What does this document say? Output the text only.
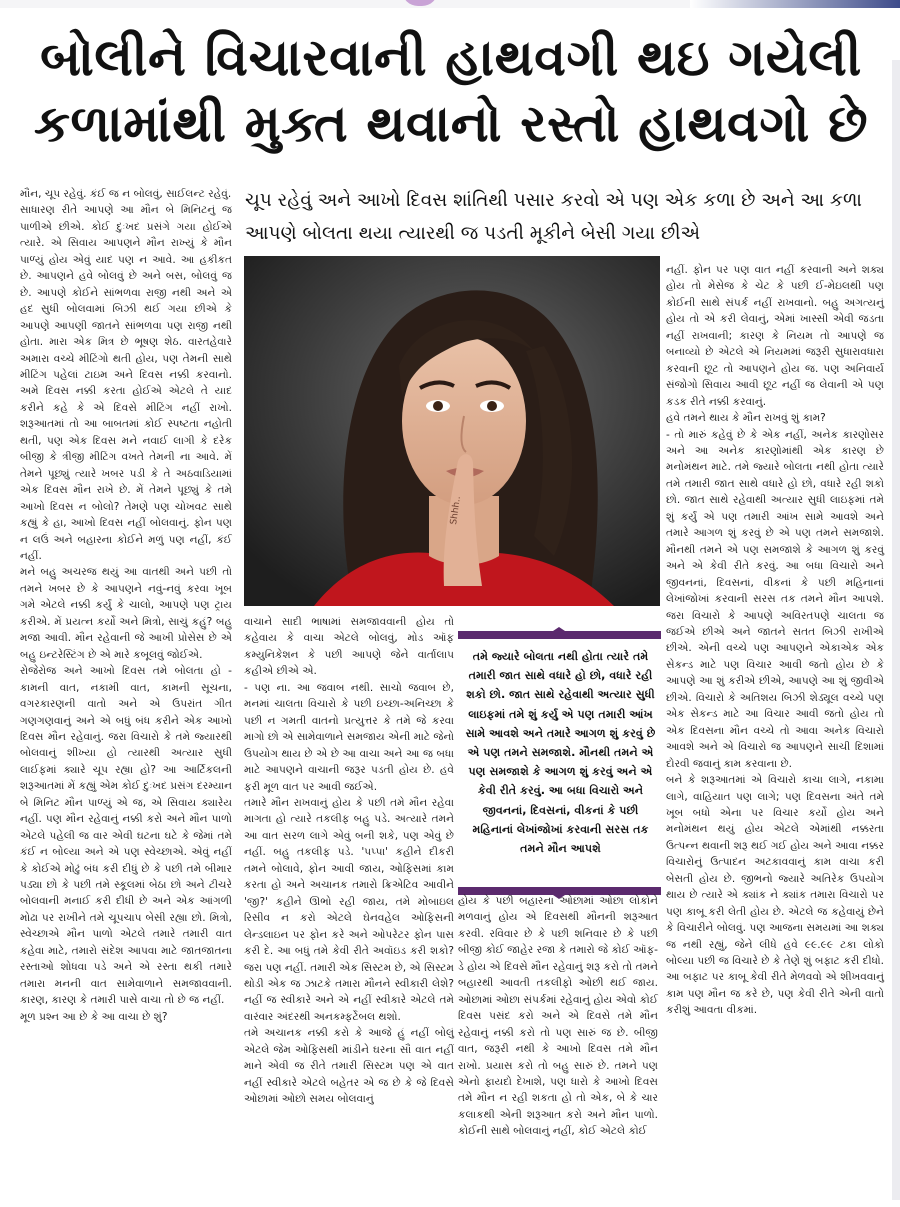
બોલીને વિચારવાની હાથવગી થઇ ગયેલી
કળામાંથી મુક્ત થવાનો રસ્તો હાથવગો છે
ચૂપ રહેવું અને આખો દિવસ શાંતિથી પસાર કરવો એ પણ એક કળા છે અને આ કળા આપણે બોલતા થયા ત્યારથી જ પડતી મૂકીને બેસી ગયા છીએ

મૌન, ચૂપ રહેવું. કંઈ જ ન બોલવું, સાઈલન્ટ રહેવું.

સાધારણ રીતે આપણે આ મૌન બે મિનિટનું જ પાળીએ છીએ. કોઈ દુઃખદ પ્રસંગે ગયા હોઈએ ત્યારે. એ સિવાય આપણને મૌન રાખ્યું કે મૌન પાળ્યું હોય એવું યાદ પણ ન આવે. આ હકીકત છે. આપણને હવે બોલવું છે અને બસ, બોલવું જ છે. આપણે કોઈને સાંભળવા રાજી નથી અને એ હદ સુધી બોલવામાં બિઝી થઈ ગયા છીએ કે આપણે આપણી જાતને સાંભળવા પણ રાજી નથી હોતા. મારા એક મિત્ર છે ભૂષણ શેઠ. વારતહેવારે અમારા વચ્ચે મીટિંગો થતી હોય, પણ તેમની સાથે મીટિંગ પહેલાં ટાઇમ અને દિવસ નક્કી કરવાનો. અમે દિવસ નક્કી કરતા હોઈએ એટલે તે યાદ કરીને કહે કે એ દિવસે મીટિંગ નહીં રાખો. શરૂઆતમાં તો આ બાબતમાં કોઈ સ્પષ્ટતા નહોતી થતી, પણ એક દિવસ મને નવાઈ લાગી કે દરેક બીજી કે ત્રીજી મીટિંગ વખતે તેમની ના આવે. મેં તેમને પૂછ્યું ત્યારે ખબર પડી કે તે અઠવાડિયામાં એક દિવસ મૌન રાખે છે. મેં તેમને પૂછ્યું કે તમે આખો દિવસ ન બોલો? તેમણે પણ ચોખવટ સાથે કહ્યું કે હા, આખો દિવસ નહીં બોલવાનું. ફોન પણ ન લઉં અને બહારના કોઈને મળું પણ નહીં, કંઈ નહીં.

મને બહુ અચરજ થયું આ વાતથી અને પછી તો તમને ખબર છે કે આપણને નવું-નવું કરવા ખૂબ ગમે એટલે નક્કી કર્યું કે ચાલો, આપણે પણ ટ્રાય કરીએ. મેં પ્રયત્ન કર્યો અને મિત્રો, સાચું કહું? બહુ મજા આવી. મૌન રહેવાની જે આખી પ્રોસેસ છે એ બહુ ઇન્ટરેસ્ટિંગ છે એ મારે કબૂલવું જોઈએ.

રોજેરોજ અને આખો દિવસ તમે બોલતા હો - કામની વાત, નકામી વાત, કામની સૂચના, વગરકારણની વાતો અને એ ઉપરાંત ગીત ગણગણવાનું અને એ બધું બંધ કરીને એક આખો દિવસ મૌન રહેવાનું. જરા વિચારો કે તમે જ્યારથી બોલવાનું શીખ્યા હો ત્યારથી અત્યાર સુધી લાઈફમાં ક્યારે ચૂપ રહ્યા હો? આ આર્ટિકલની શરૂઆતમાં મેં કહ્યું એમ કોઈ દુઃખદ પ્રસંગ દરમ્યાન બે મિનિટ મૌન પાળ્યું એ જ, એ સિવાય ક્યારેય નહીં. પણ મૌન રહેવાનું નક્કી કરો અને મૌન પાળો એટલે પહેલી જ વાર એવી ઘટના ઘટે કે જેમાં તમે કંઈ ન બોલ્યા અને એ પણ સ્વેચ્છાએ. એવું નહીં કે કોઈએ મોઢું બંધ કરી દીધું છે કે પછી તમે બીમાર પડ્યા છો કે પછી તમે સ્કૂલમાં બેઠા છો અને ટીચરે બોલવાની મનાઈ કરી દીધી છે અને એક આંગળી મોઢા પર રાખીને તમે ચૂપચાપ બેસી રહ્યા છો. મિત્રો, સ્વેચ્છાએ મૌન પાળો એટલે તમારે તમારી વાત કહેવા માટે, તમારો સંદેશ આપવા માટે જાતજાતના રસ્તાઓ શોધવા પડે અને એ રસ્તા થકી તમારે તમારા મનની વાત સામેવાળાને સમજાવવાની. કારણ, કારણ કે તમારી પાસે વાચા તો છે જ નહીં.

મૂળ પ્રશ્ન આ છે કે આ વાચા છે શું?

Shhh..

વાચાને સાદી ભાષામાં સમજાવવાની હોય તો કહેવાય કે વાચા એટલે બોલવું, મોડ ઑફ કમ્યુનિકેશન કે પછી આપણે જેને વાર્તાલાપ કહીએ છીએ એ.

- પણ ના. આ જવાબ નથી. સાચો જવાબ છે, મનમાં ચાલતા વિચારો કે પછી ઇચ્છા-અનિચ્છા કે પછી ન ગમતી વાતનો પ્રત્યુત્તર કે તમે જે કરવા માગો છો એ સામેવાળાને સમજાય એની માટે જેનો ઉપયોગ થાય છે એ છે આ વાચા અને આ જ બધા માટે આપણને વાચાની જરૂર પડતી હોય છે. હવે ફરી મૂળ વાત પર આવી જઈએ.

તમારે મૌન રાખવાનું હોય કે પછી તમે મૌન રહેવા માગતા હો ત્યારે તકલીફ બહુ પડે. અત્યારે તમને આ વાત સરળ લાગે એવું બની શકે, પણ એવું છે નહીં. બહુ તકલીફ પડે. 'પપ્પા' કહીને દીકરી તમને બોલાવે, ફોન આવી જાય, ઓફિસમાં કામ કરતા હો અને અચાનક તમારો ક્રિએટિવ આવીને 'જી?' કહીને ઊભો રહી જાય, તમે મોબાઇલ રિસીવ ન કરો એટલે ઘેનવહેલ ઓફિસની લેન્ડલાઇન પર ફોન કરે અને ઓપરેટર ફોન પાસ કરી દે. આ બધું તમે કેવી રીતે અવૉઇડ કરી શકો? જરા પણ નહીં. તમારી એક સિસ્ટમ છે, એ સિસ્ટમ થોડી એક જ ઝાટકે તમારા મૌનને સ્વીકારી લેશે? નહીં જ સ્વીકારે અને એ નહીં સ્વીકારે એટલે તમે વારંવાર અંદરથી અનકમ્ફર્ટેબલ થશો.

તમે અચાનક નક્કી કરો કે આજે હું નહીં બોલું એટલે જેમ ઓફિસથી માંડીને ઘરના સૌ વાત નહીં માને એવી જ રીતે તમારી સિસ્ટમ પણ એ વાત નહીં સ્વીકારે એટલે બહેતર એ જ છે કે જે દિવસે ઓછામાં ઓછો સમય બોલવાનું

તમે જ્યારે બોલતા નથી હોતા ત્યારે તમે તમારી જાત સાથે વધારે હો છો, વધારે રહી શકો છો. જાત સાથે રહેવાથી અત્યાર સુધી લાઇફમાં તમે શું કર્યુ એ પણ તમારી આંખ સામે આવશે અને તમારે આગળ શું કરવું છે એ પણ તમને સમજાશે. મૌનથી તમને એ પણ સમજાશે કે આગળ શું કરવું અને એ કેવી રીતે કરવું. આ બધા વિચારો અને જીવનનાં, દિવસનાં, વીકનાં કે પછી મહિનાનાં લેખાંજોખાં કરવાની સરસ તક તમને મૌન આપશે

હોય કે પછી બહારના ઓછામાં ઓછા લોકોને મળવાનું હોય એ દિવસથી મૌનની શરૂઆત કરવી. રવિવાર છે કે પછી શનિવાર છે કે પછી બીજી કોઈ જાહેર રજા કે તમારો જે કોઈ ઑફ-ડે હોય એ દિવસે મૌન રહેવાનું શરૂ કરો તો તમને બહારથી આવતી તકલીફો ઓછી થઈ જાય. ઓછામાં ઓછા સંપર્કમાં રહેવાનું હોય એવો કોઈ દિવસ પસંદ કરો અને એ દિવસે તમે મૌન રહેવાનું નક્કી કરો તો પણ સારું જ છે. બીજી વાત, જરૂરી નથી કે આખો દિવસ તમે મૌન રાખો. પ્રયાસ કરો તો બહુ સારું છે. તમને પણ એનો ફાયદો દેખાશે, પણ ધારો કે આખો દિવસ તમે મૌન ન રહી શકતા હો તો એક, બે કે ચાર કલાકથી એની શરૂઆત કરો અને મૌન પાળો. કોઈની સાથે બોલવાનું નહીં, કોઈ એટલે કોઈ

નહીં. ફોન પર પણ વાત નહીં કરવાની અને શક્ય હોય તો મેસેજ કે ચેટ કે પછી ઈ-મેઇલથી પણ કોઈની સાથે સંપર્ક નહીં રાખવાનો. બહુ અગત્યનું હોય તો એ કરી લેવાનું, એમાં ખાસ્સી એવી જડતા નહીં રાખવાની; કારણ કે નિયમ તો આપણે જ બનાવ્યો છે એટલે એ નિયમમાં જરૂરી સુધારાવધારા કરવાની છૂટ તો આપણને હોય જ. પણ અનિવાર્ય સંજોગો સિવાય આવી છૂટ નહીં જ લેવાની એ પણ કડક રીતે નક્કી કરવાનું.

હવે તમને થાય કે મૌન રાખવું શું કામ?

- તો મારું કહેવું છે કે એક નહીં, અનેક કારણોસર અને આ અનેક કારણોમાંથી એક કારણ છે મનોમંથન માટે. તમે જ્યારે બોલતા નથી હોતા ત્યારે તમે તમારી જાત સાથે વધારે હો છો, વધારે રહી શકો છો. જાત સાથે રહેવાથી અત્યાર સુધી લાઇફમાં તમે શું કર્યું એ પણ તમારી આંખ સામે આવશે અને તમારે આગળ શું કરવું છે એ પણ તમને સમજાશે. મૌનથી તમને એ પણ સમજાશે કે આગળ શું કરવું અને એ કેવી રીતે કરવું. આ બધા વિચારો અને જીવનનાં, દિવસનાં, વીકનાં કે પછી મહિનાનાં લેખાંજોખાં કરવાની સરસ તક તમને મૌન આપશે. જરા વિચારો કે આપણે અવિરતપણે ચાલતા જ જઈએ છીએ અને જાતને સતત બિઝી રાખીએ છીએ. એની વચ્ચે પણ આપણને એકાએક એક સેકન્ડ માટે પણ વિચાર આવી જતો હોય છે કે આપણે આ શું કરીએ છીએ, આપણે આ શું જીવીએ છીએ. વિચારો કે અતિશય બિઝી શેડ્યૂલ વચ્ચે પણ એક સેકન્ડ માટે આ વિચાર આવી જતો હોય તો એક દિવસના મૌન વચ્ચે તો આવા અનેક વિચારો આવશે અને એ વિચારો જ આપણને સાચી દિશામાં દોરવી જવાનું કામ કરવાના છે.

બને કે શરૂઆતમાં એ વિચારો કાચા લાગે, નકામા લાગે, વાહિયાત પણ લાગે; પણ દિવસના અંતે તમે ખૂબ બધો એના પર વિચાર કર્યો હોય અને મનોમંથન થયું હોય એટલે એમાંથી નક્કરતા ઉત્પન્ન થવાની શરૂ થઈ ગઈ હોય અને આવા નક્કર વિચારોનું ઉત્પાદન અટકાવવાનું કામ વાચા કરી બેસતી હોય છે. જીભનો જ્યારે અતિરેક ઉપયોગ થાય છે ત્યારે એ ક્યાંક ને ક્યાંક તમારા વિચારો પર પણ કાબૂ કરી લેતી હોય છે. એટલે જ કહેવાયું છેને કે વિચારીને બોલવું. પણ આજના સમયમાં આ શક્ય જ નથી રહ્યું, જેને લીધે હવે ૯૯.૯૯ ટકા લોકો બોલ્યા પછી જ વિચારે છે કે તેણે શું બફાટ કરી દીધો. આ બફાટ પર કાબૂ કેવી રીતે મેળવવો એ શીખવવાનું કામ પણ મૌન જ કરે છે, પણ કેવી રીતે એની વાતો કરીશું આવતા વીકમાં.
